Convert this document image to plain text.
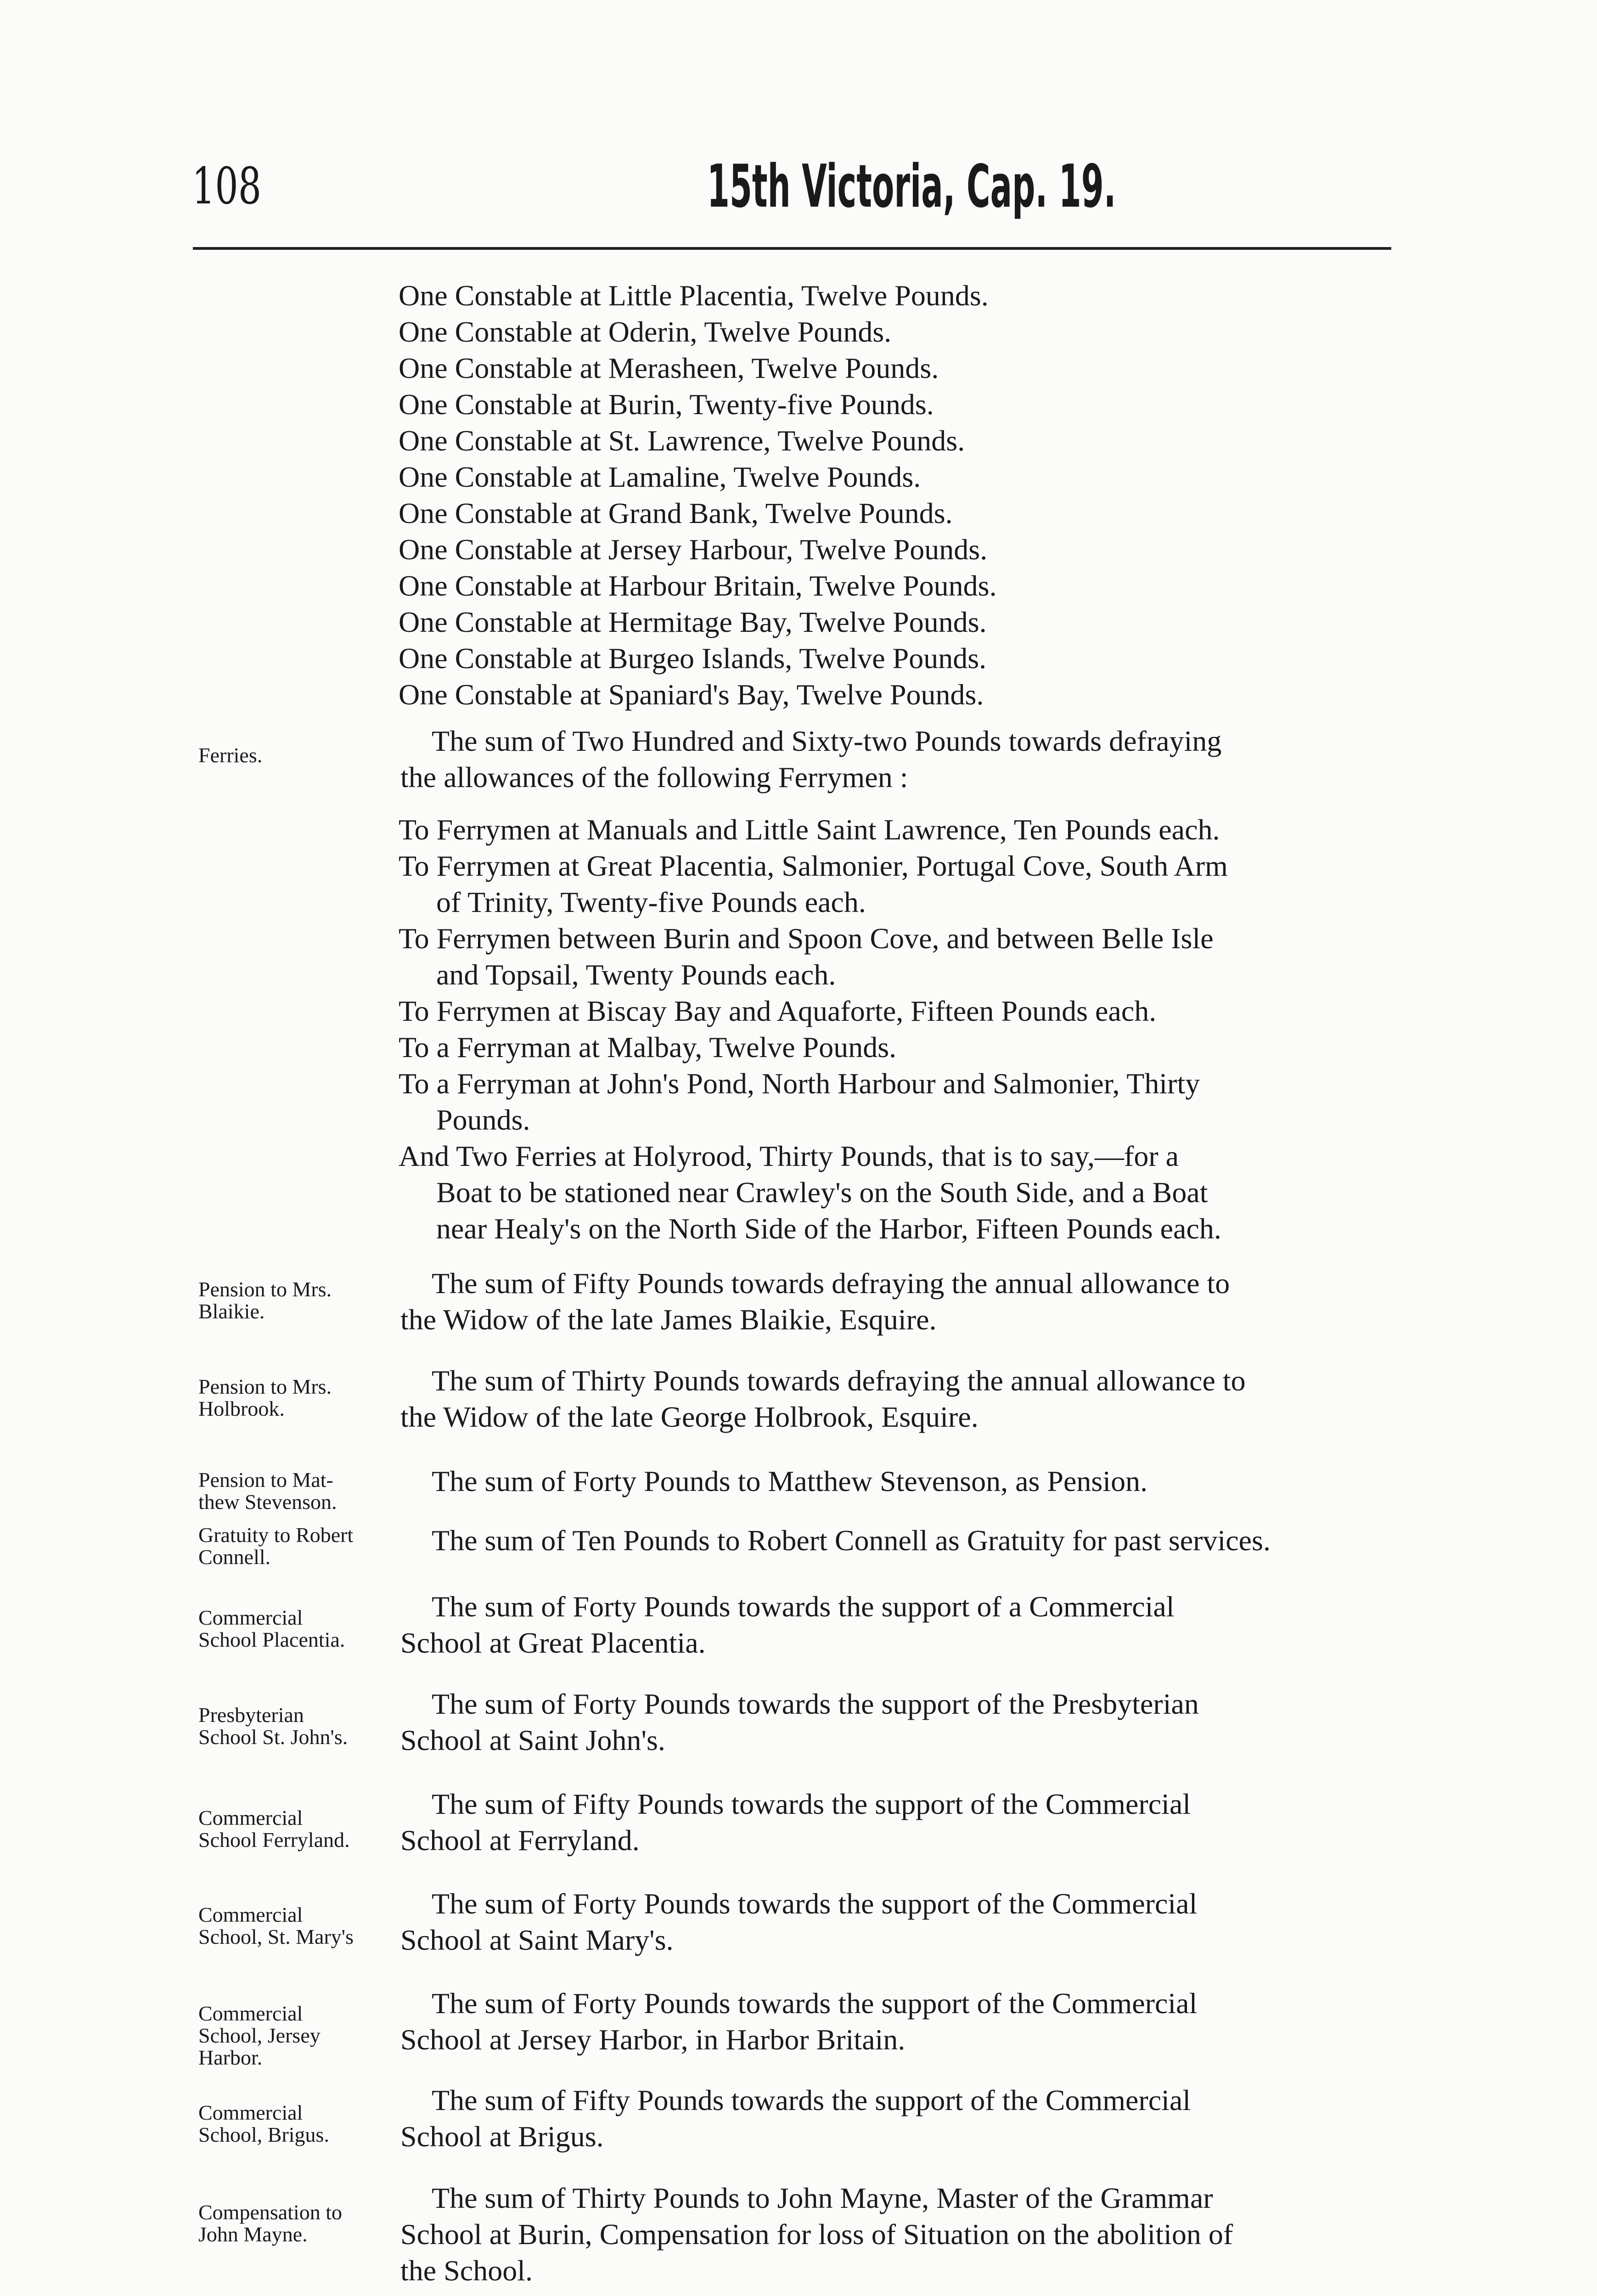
108	15th Victoria, Cap. 19.
One Constable at Little Placentia, Twelve Pounds.
One Constable at Oderin, Twelve Pounds.
One Constable at Merasheen, Twelve Pounds.
One Constable at Burin, Twenty-five Pounds.
One Constable at St. Lawrence, Twelve Pounds.
One Constable at Lamaline, Twelve Pounds.
One Constable at Grand Bank, Twelve Pounds.
One Constable at Jersey Harbour, Twelve Pounds.
One Constable at Harbour Britain, Twelve Pounds.
One Constable at Hermitage Bay, Twelve Pounds.
One Constable at Burgeo Islands, Twelve Pounds.
One Constable at Spaniard's Bay, Twelve Pounds.
Ferries.	The sum of Two Hundred and Sixty-two Pounds towards defraying
the allowances of the following Ferrymen :
To Ferrymen at Manuals and Little Saint Lawrence, Ten Pounds each.
To Ferrymen at Great Placentia, Salmonier, Portugal Cove, South Arm
of Trinity, Twenty-five Pounds each.
To Ferrymen between Burin and Spoon Cove, and between Belle Isle
and Topsail, Twenty Pounds each.
To Ferrymen at Biscay Bay and Aquaforte, Fifteen Pounds each.
To a Ferryman at Malbay, Twelve Pounds.
To a Ferryman at John's Pond, North Harbour and Salmonier, Thirty
Pounds.
And Two Ferries at Holyrood, Thirty Pounds, that is to say,—for a
Boat to be stationed near Crawley's on the South Side, and a Boat
near Healy's on the North Side of the Harbor, Fifteen Pounds each.
Pension to Mrs.
Blaikie.
The sum of Fifty Pounds towards defraying the annual allowance to
the Widow of the late James Blaikie, Esquire.
Pension to Mrs.
Holbrook.
The sum of Thirty Pounds towards defraying the annual allowance to
the Widow of the late George Holbrook, Esquire.
Pension to Mat-
thew Stevenson.
The sum of Forty Pounds to Matthew Stevenson, as Pension.
Gratuity to Robert
Connell.
The sum of Ten Pounds to Robert Connell as Gratuity for past services.
Commercial
School Placentia.
The sum of Forty Pounds towards the support of a Commercial
School at Great Placentia.
Presbyterian
School St. John's.
The sum of Forty Pounds towards the support of the Presbyterian
School at Saint John's.
Commercial
School Ferryland.
The sum of Fifty Pounds towards the support of the Commercial
School at Ferryland.
Commercial
School, St. Mary's
The sum of Forty Pounds towards the support of the Commercial
School at Saint Mary's.
Commercial
School, Jersey
Harbor.
The sum of Forty Pounds towards the support of the Commercial
School at Jersey Harbor, in Harbor Britain.
Commercial
School, Brigus.
The sum of Fifty Pounds towards the support of the Commercial
School at Brigus.
Compensation to
John Mayne.
The sum of Thirty Pounds to John Mayne, Master of the Grammar
School at Burin, Compensation for loss of Situation on the abolition of
the School.
